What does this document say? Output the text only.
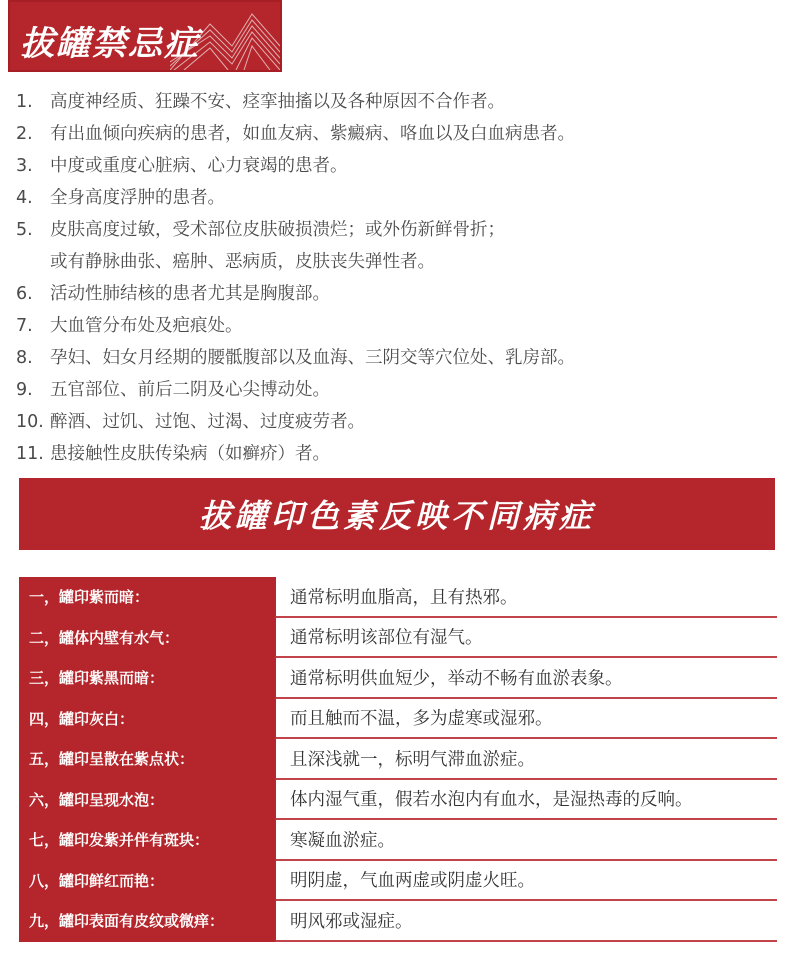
拔罐禁忌症
1. 高度神经质、狂躁不安、痉挛抽搐以及各种原因不合作者。
2. 有出血倾向疾病的患者，如血友病、紫癜病、咯血以及白血病患者。
3. 中度或重度心脏病、心力衰竭的患者。
4. 全身高度浮肿的患者。
5. 皮肤高度过敏，受术部位皮肤破损溃烂；或外伤新鲜骨折；
或有静脉曲张、癌肿、恶病质，皮肤丧失弹性者。
6. 活动性肺结核的患者尤其是胸腹部。
7. 大血管分布处及疤痕处。
8. 孕妇、妇女月经期的腰骶腹部以及血海、三阴交等穴位处、乳房部。
9. 五官部位、前后二阴及心尖博动处。
10. 醉酒、过饥、过饱、过渴、过度疲劳者。
11. 患接触性皮肤传染病（如癣疥）者。
拔罐印色素反映不同病症
一，罐印紫而暗：	通常标明血脂高，且有热邪。
二，罐体内壁有水气：	通常标明该部位有湿气。
三，罐印紫黑而暗：	通常标明供血短少，举动不畅有血淤表象。
四，罐印灰白：	而且触而不温，多为虚寒或湿邪。
五，罐印呈散在紫点状：	且深浅就一，标明气滞血淤症。
六，罐印呈现水泡：	体内湿气重，假若水泡内有血水，是湿热毒的反响。
七，罐印发紫并伴有斑块：	寒凝血淤症。
八，罐印鲜红而艳：	明阴虚，气血两虚或阴虚火旺。
九，罐印表面有皮纹或微痒：	明风邪或湿症。
